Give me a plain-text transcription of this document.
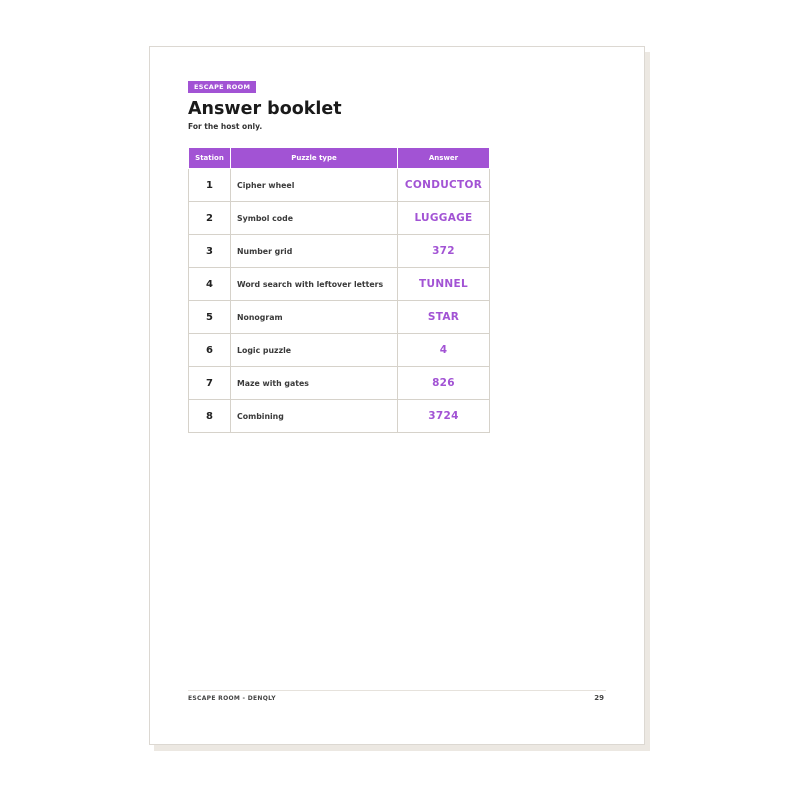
ESCAPE ROOM
Answer booklet
For the host only.
Station	Puzzle type	Answer
1	Cipher wheel	CONDUCTOR
2	Symbol code	LUGGAGE
3	Number grid	372
4	Word search with leftover letters	TUNNEL
5	Nonogram	STAR
6	Logic puzzle	4
7	Maze with gates	826
8	Combining	3724
ESCAPE ROOM - DENQLY	29
